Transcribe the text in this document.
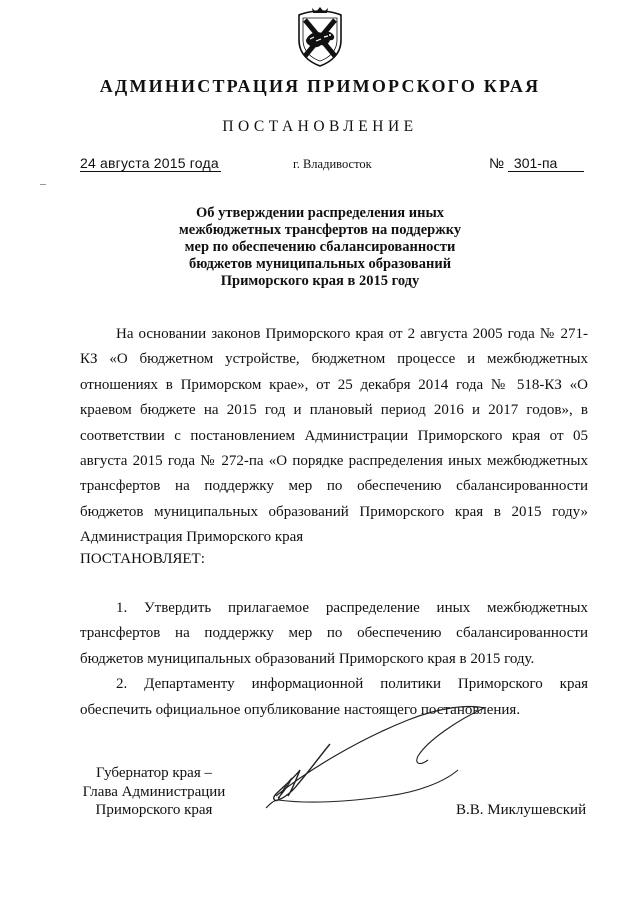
АДМИНИСТРАЦИЯ ПРИМОРСКОГО КРАЯ
ПОСТАНОВЛЕНИЕ
24 августа 2015 года	г. Владивосток	№ 301-па
Об утверждении распределения иных
межбюджетных трансфертов на поддержку
мер по обеспечению сбалансированности
бюджетов муниципальных образований
Приморского края в 2015 году

На основании законов Приморского края от 2 августа 2005 года № 271-КЗ «О бюджетном устройстве, бюджетном процессе и межбюджетных отношениях в Приморском крае», от 25 декабря 2014 года № 518-КЗ «О краевом бюджете на 2015 год и плановый период 2016 и 2017 годов», в соответствии с постановлением Администрации Приморского края от 05 августа 2015 года № 272-па «О порядке распределения иных межбюджетных трансфертов на поддержку мер по обеспечению сбалансированности бюджетов муниципальных образований Приморского края в 2015 году» Администрация Приморского края

ПОСТАНОВЛЯЕТ:

1. Утвердить прилагаемое распределение иных межбюджетных трансфертов на поддержку мер по обеспечению сбалансированности бюджетов муниципальных образований Приморского края в 2015 году.

2. Департаменту информационной политики Приморского края обеспечить официальное опубликование настоящего постановления.

Губернатор края –
Глава Администрации
Приморского края	В.В. Миклушевский
